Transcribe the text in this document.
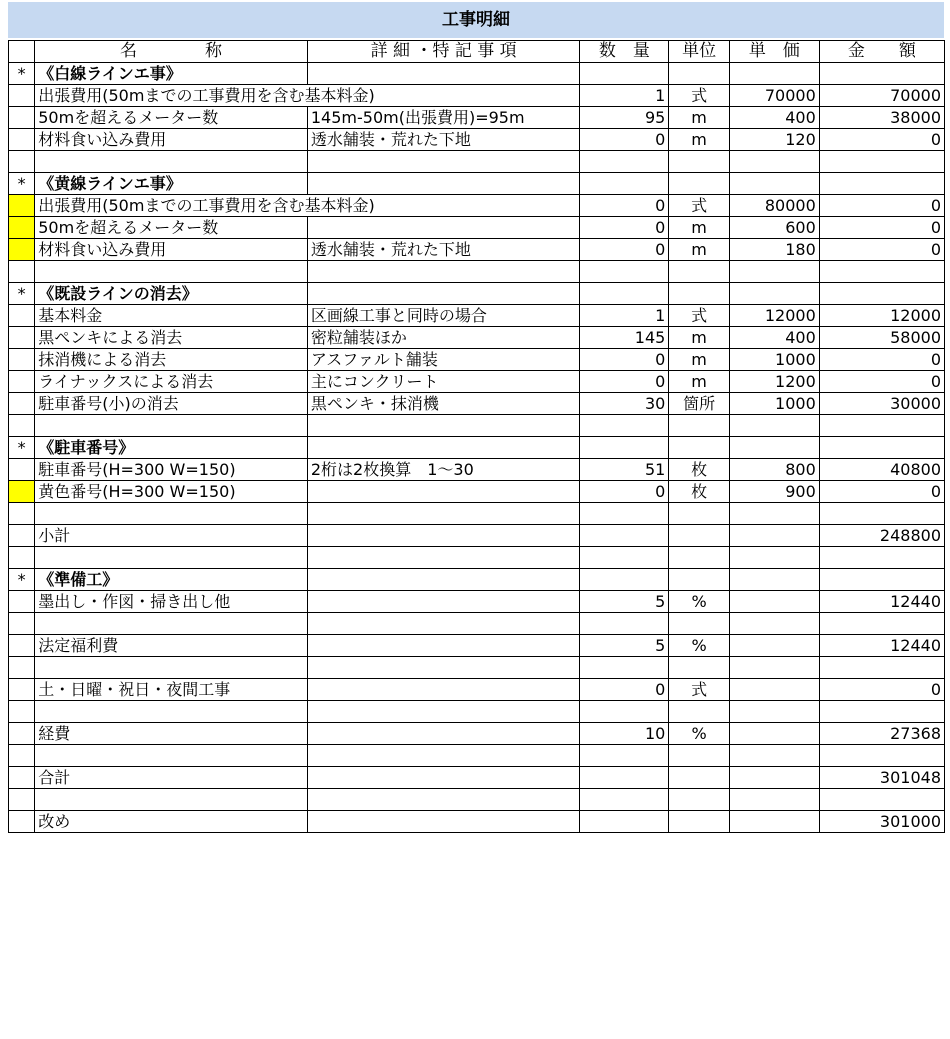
工事明細
	名　　　　称	詳 細 ・特 記 事 項	数　量	単位	単　価	金　　額
*	《白線ラインエ事》					
	出張費用(50mまでの工事費用を含む基本料金)		1	式	70000	70000
	50mを超えるメーター数	145m-50m(出張費用)=95m	95	m	400	38000
	材料食い込み費用	透水舗装・荒れた下地	0	m	120	0

*	《黄線ラインエ事》					
	出張費用(50mまでの工事費用を含む基本料金)		0	式	80000	0
	50mを超えるメーター数		0	m	600	0
	材料食い込み費用	透水舗装・荒れた下地	0	m	180	0

*	《既設ラインの消去》					
	基本料金	区画線工事と同時の場合	1	式	12000	12000
	黒ペンキによる消去	密粒舗装ほか	145	m	400	58000
	抹消機による消去	アスファルト舗装	0	m	1000	0
	ライナックスによる消去	主にコンクリート	0	m	1200	0
	駐車番号(小)の消去	黒ペンキ・抹消機	30	箇所	1000	30000

*	《駐車番号》					
	駐車番号(H=300 W=150)	2桁は2枚換算　1～30	51	枚	800	40800
	黄色番号(H=300 W=150)		0	枚	900	0

	小計					248800

*	《準備工》					
	墨出し・作図・掃き出し他		5	%		12440

	法定福利費		5	%		12440

	土・日曜・祝日・夜間工事		0	式		0

	経費		10	%		27368

	合計					301048

	改め					301000
